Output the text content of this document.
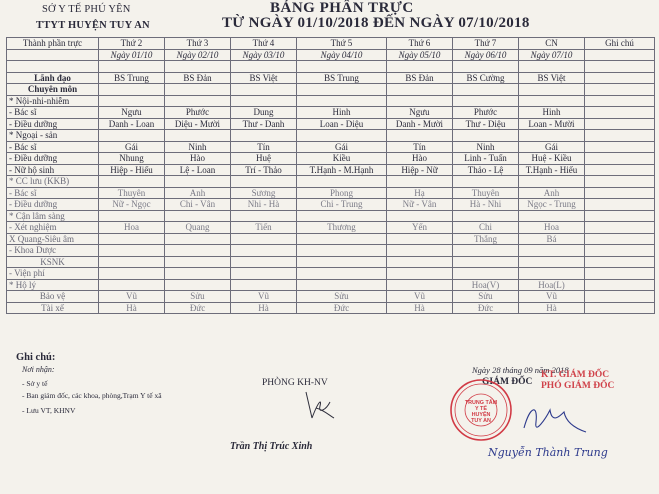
SỞ Y TẾ PHÚ YÊN
TTYT HUYỆN TUY AN
BẢNG PHÂN TRỰC
TỪ NGÀY 01/10/2018 ĐẾN NGÀY 07/10/2018
Thành phần trực	Thứ 2	Thứ 3	Thứ 4	Thứ 5	Thứ 6	Thứ 7	CN	Ghi chú
	Ngày 01/10	Ngày 02/10	Ngày 03/10	Ngày 04/10	Ngày 05/10	Ngày 06/10	Ngày 07/10	

Lãnh đạo	BS Trung	BS Đản	BS Việt	BS Trung	BS Đản	BS Cường	BS Việt	
Chuyên môn								
* Nội-nhi-nhiễm								
- Bác sĩ	Ngưu	Phước	Dung	Hinh	Ngưu	Phước	Hinh	
- Điều dưỡng	Danh - Loan	Diệu - Mười	Thư - Danh	Loan - Diệu	Danh - Mười	Thư - Diệu	Loan - Mười	
* Ngoại - sản								
- Bác sĩ	Gái	Ninh	Tín	Gái	Tín	Ninh	Gái	
- Điều dưỡng	Nhung	Hào	Huệ	Kiều	Hào	Linh - Tuấn	Huệ - Kiều	
- Nữ hộ sinh	Hiệp - Hiếu	Lệ - Loan	Trí - Thảo	T.Hạnh - M.Hạnh	Hiệp - Nữ	Thảo - Lệ	T.Hạnh - Hiếu	
* CC lưu (KKB)								
- Bác sĩ	Thuyên	Anh	Sương	Phong	Hạ	Thuyên	Anh	
- Điều dưỡng	Nữ - Ngọc	Chi - Vân	Nhi - Hà	Chi - Trung	Nữ - Vân	Hà - Nhi	Ngọc - Trung	
* Cận lâm sàng								
- Xét nghiệm	Hoa	Quang	Tiến	Thương	Yến	Chi	Hoa	
X Quang-Siêu âm						Thắng	Bá	
- Khoa Dược								
KSNK								
- Viện phí								
* Hộ lý						Hoa(V)	Hoa(L)	
Bảo vệ	Vũ	Sửu	Vũ	Sửu	Vũ	Sửu	Vũ	
Tài xế	Hà	Đức	Hà	Đức	Hà	Đức	Hà	
Ghi chú:
Nơi nhận:
- Sở y tế
- Ban giám đốc, các khoa, phòng,Trạm Y tế xã
- Lưu VT, KHNV
PHÒNG KH-NV
Trần Thị Trúc Xinh
Ngày 28 tháng 09 năm 2018
GIÁM ĐỐC
KT. GIÁM ĐỐC
PHÓ GIÁM ĐỐC
TRUNG TÂM
Y TẾ
HUYỆN
TUY AN
Nguyễn Thành Trung
